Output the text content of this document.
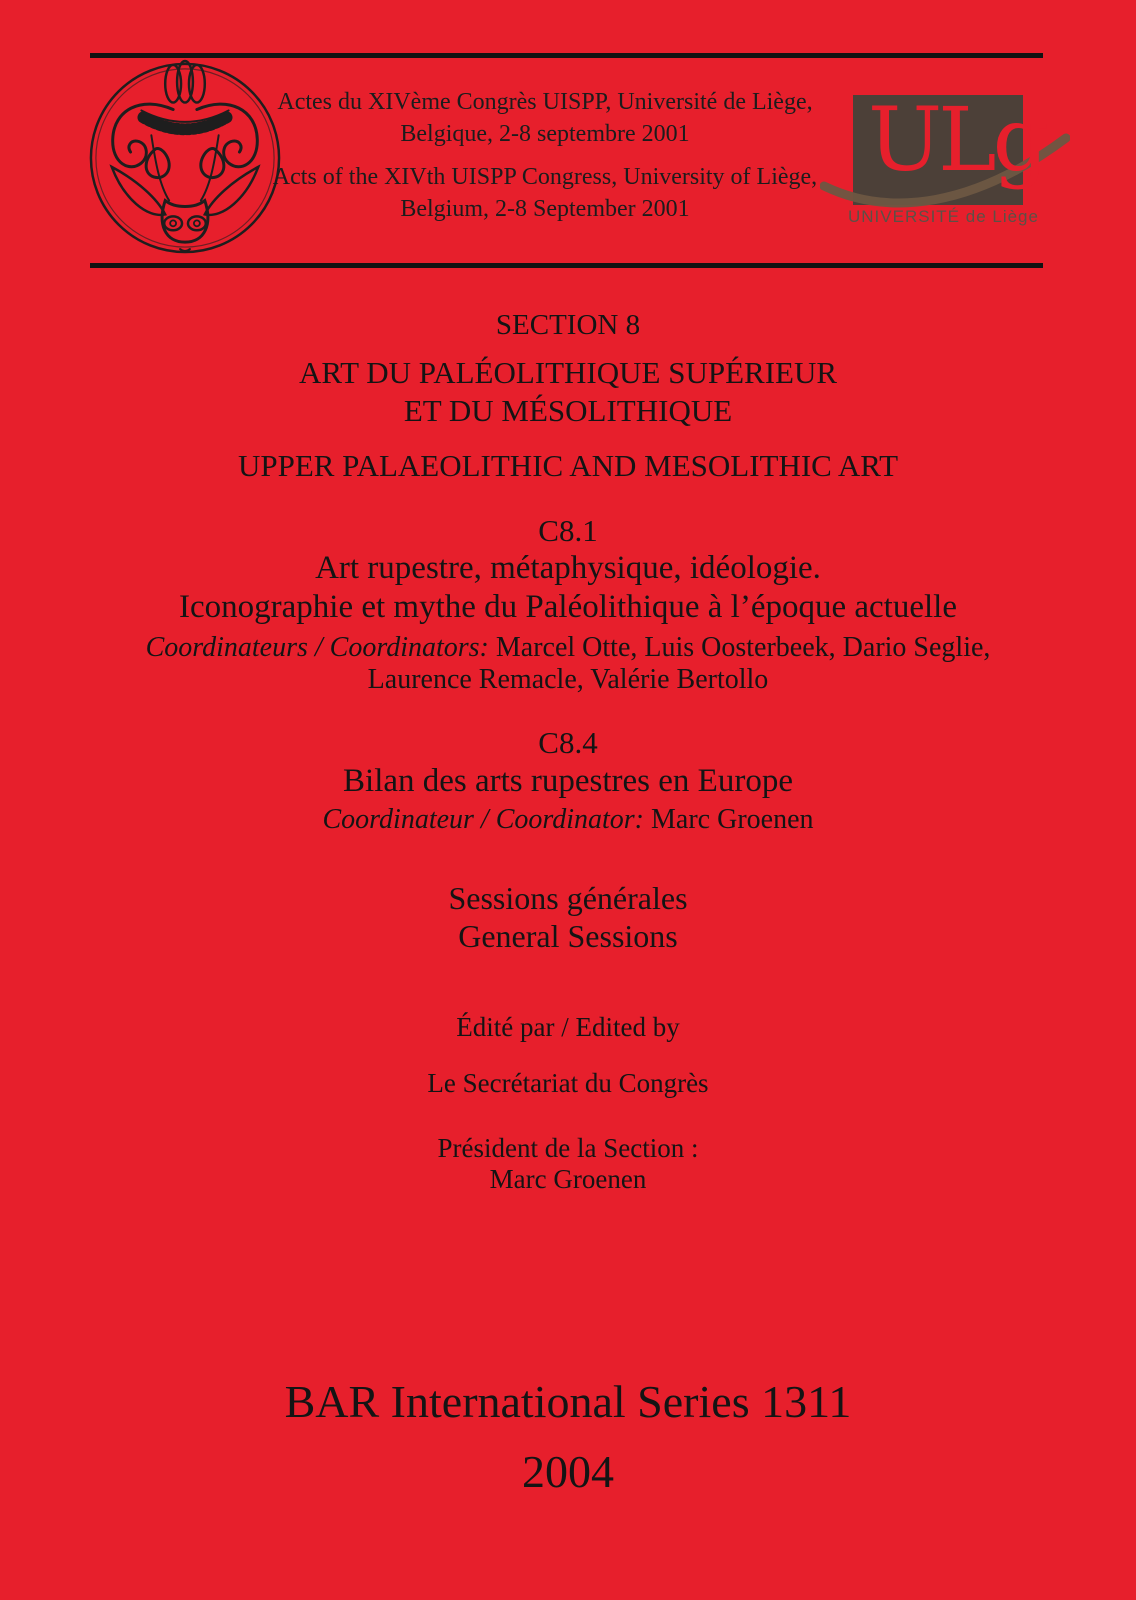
Actes du XIVème Congrès UISPP, Université de Liège,

Belgique, 2-8 septembre 2001

Acts of the XIVth UISPP Congress, University of Liège,

Belgium, 2-8 September 2001

ULg
UNIVERSITÉ de Liège
SECTION 8
ART DU PALÉOLITHIQUE SUPÉRIEUR
ET DU MÉSOLITHIQUE
UPPER PALAEOLITHIC AND MESOLITHIC ART
C8.1
Art rupestre, métaphysique, idéologie.
Iconographie et mythe du Paléolithique à l’époque actuelle
Coordinateurs / Coordinators: Marcel Otte, Luis Oosterbeek, Dario Seglie,
Laurence Remacle, Valérie Bertollo
C8.4
Bilan des arts rupestres en Europe
Coordinateur / Coordinator: Marc Groenen
Sessions générales
General Sessions
Édité par / Edited by
Le Secrétariat du Congrès
Président de la Section :
Marc Groenen
BAR International Series 1311
2004
